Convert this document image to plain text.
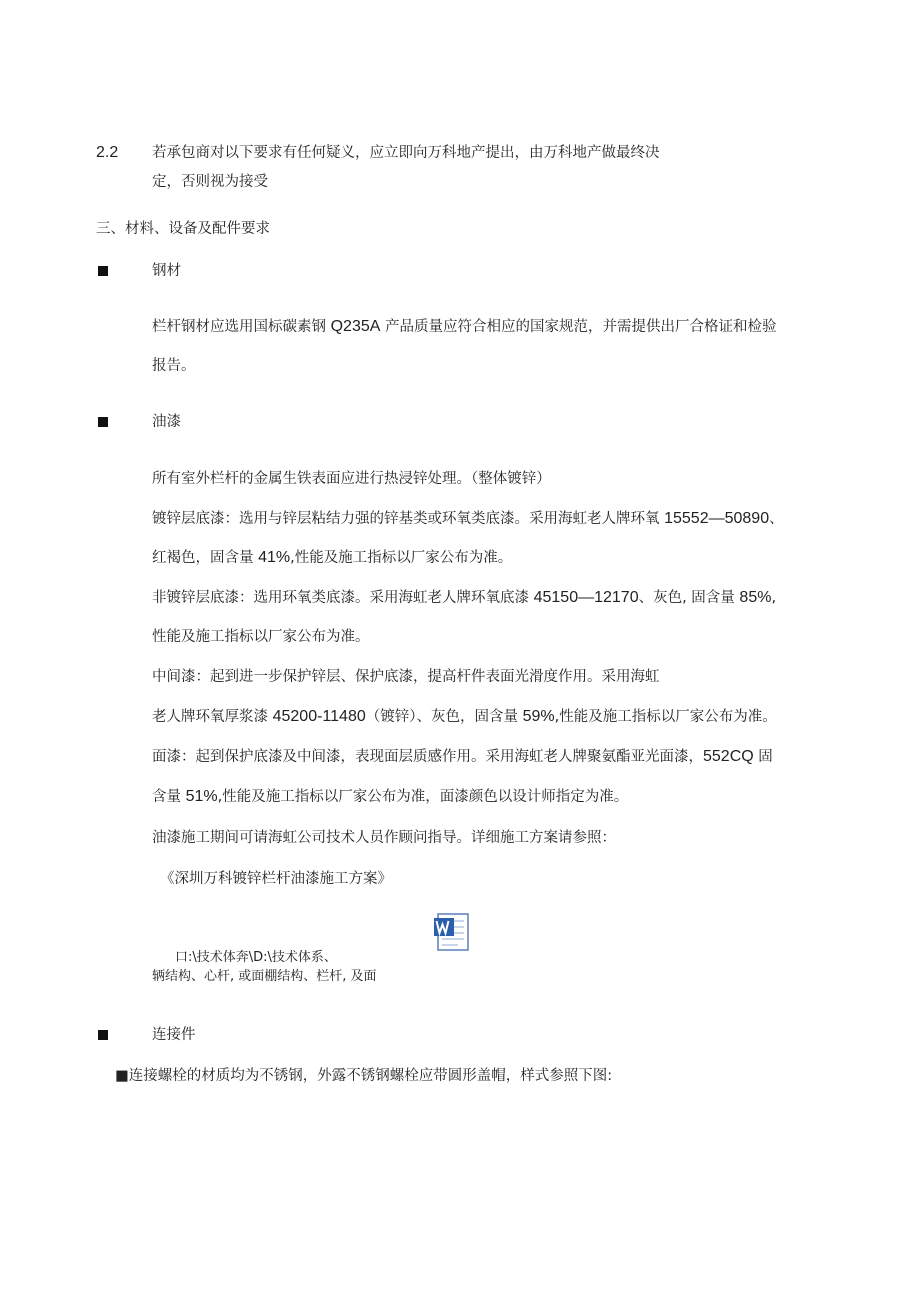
2.2 若承包商对以下要求有任何疑义，应立即向万科地产提出，由万科地产做最终决
定，否则视为接受
三、材料、设备及配件要求
钢材
栏杆钢材应选用国标碳素钢 Q235A 产品质量应符合相应的国家规范，并需提供出厂合格证和检验
报告。
油漆
所有室外栏杆的金属生铁表面应进行热浸锌处理。（整体镀锌）
镀锌层底漆：选用与锌层粘结力强的锌基类或环氧类底漆。采用海虹老人牌环氧 15552—50890、
红褐色，固含量 41%,性能及施工指标以厂家公布为准。
非镀锌层底漆：选用环氧类底漆。采用海虹老人牌环氧底漆 45150—12170、灰色, 固含量 85%,
性能及施工指标以厂家公布为准。
中间漆：起到进一步保护锌层、保护底漆，提高杆件表面光滑度作用。采用海虹
老人牌环氧厚浆漆 45200-11480（镀锌）、灰色，固含量 59%,性能及施工指标以厂家公布为准。
面漆：起到保护底漆及中间漆，表现面层质感作用。采用海虹老人牌聚氨酯亚光面漆，552CQ 固
含量 51%,性能及施工指标以厂家公布为准，面漆颜色以设计师指定为准。
油漆施工期间可请海虹公司技术人员作顾问指导。详细施工方案请参照：
《深圳万科镀锌栏杆油漆施工方案》
口:\技术体奔\D:\技术体系、
辆结构、心杆, 或面棚结构、栏杆, 及面
连接件
■连接螺栓的材质均为不锈钢，外露不锈钢螺栓应带圆形盖帽，样式参照下图:
